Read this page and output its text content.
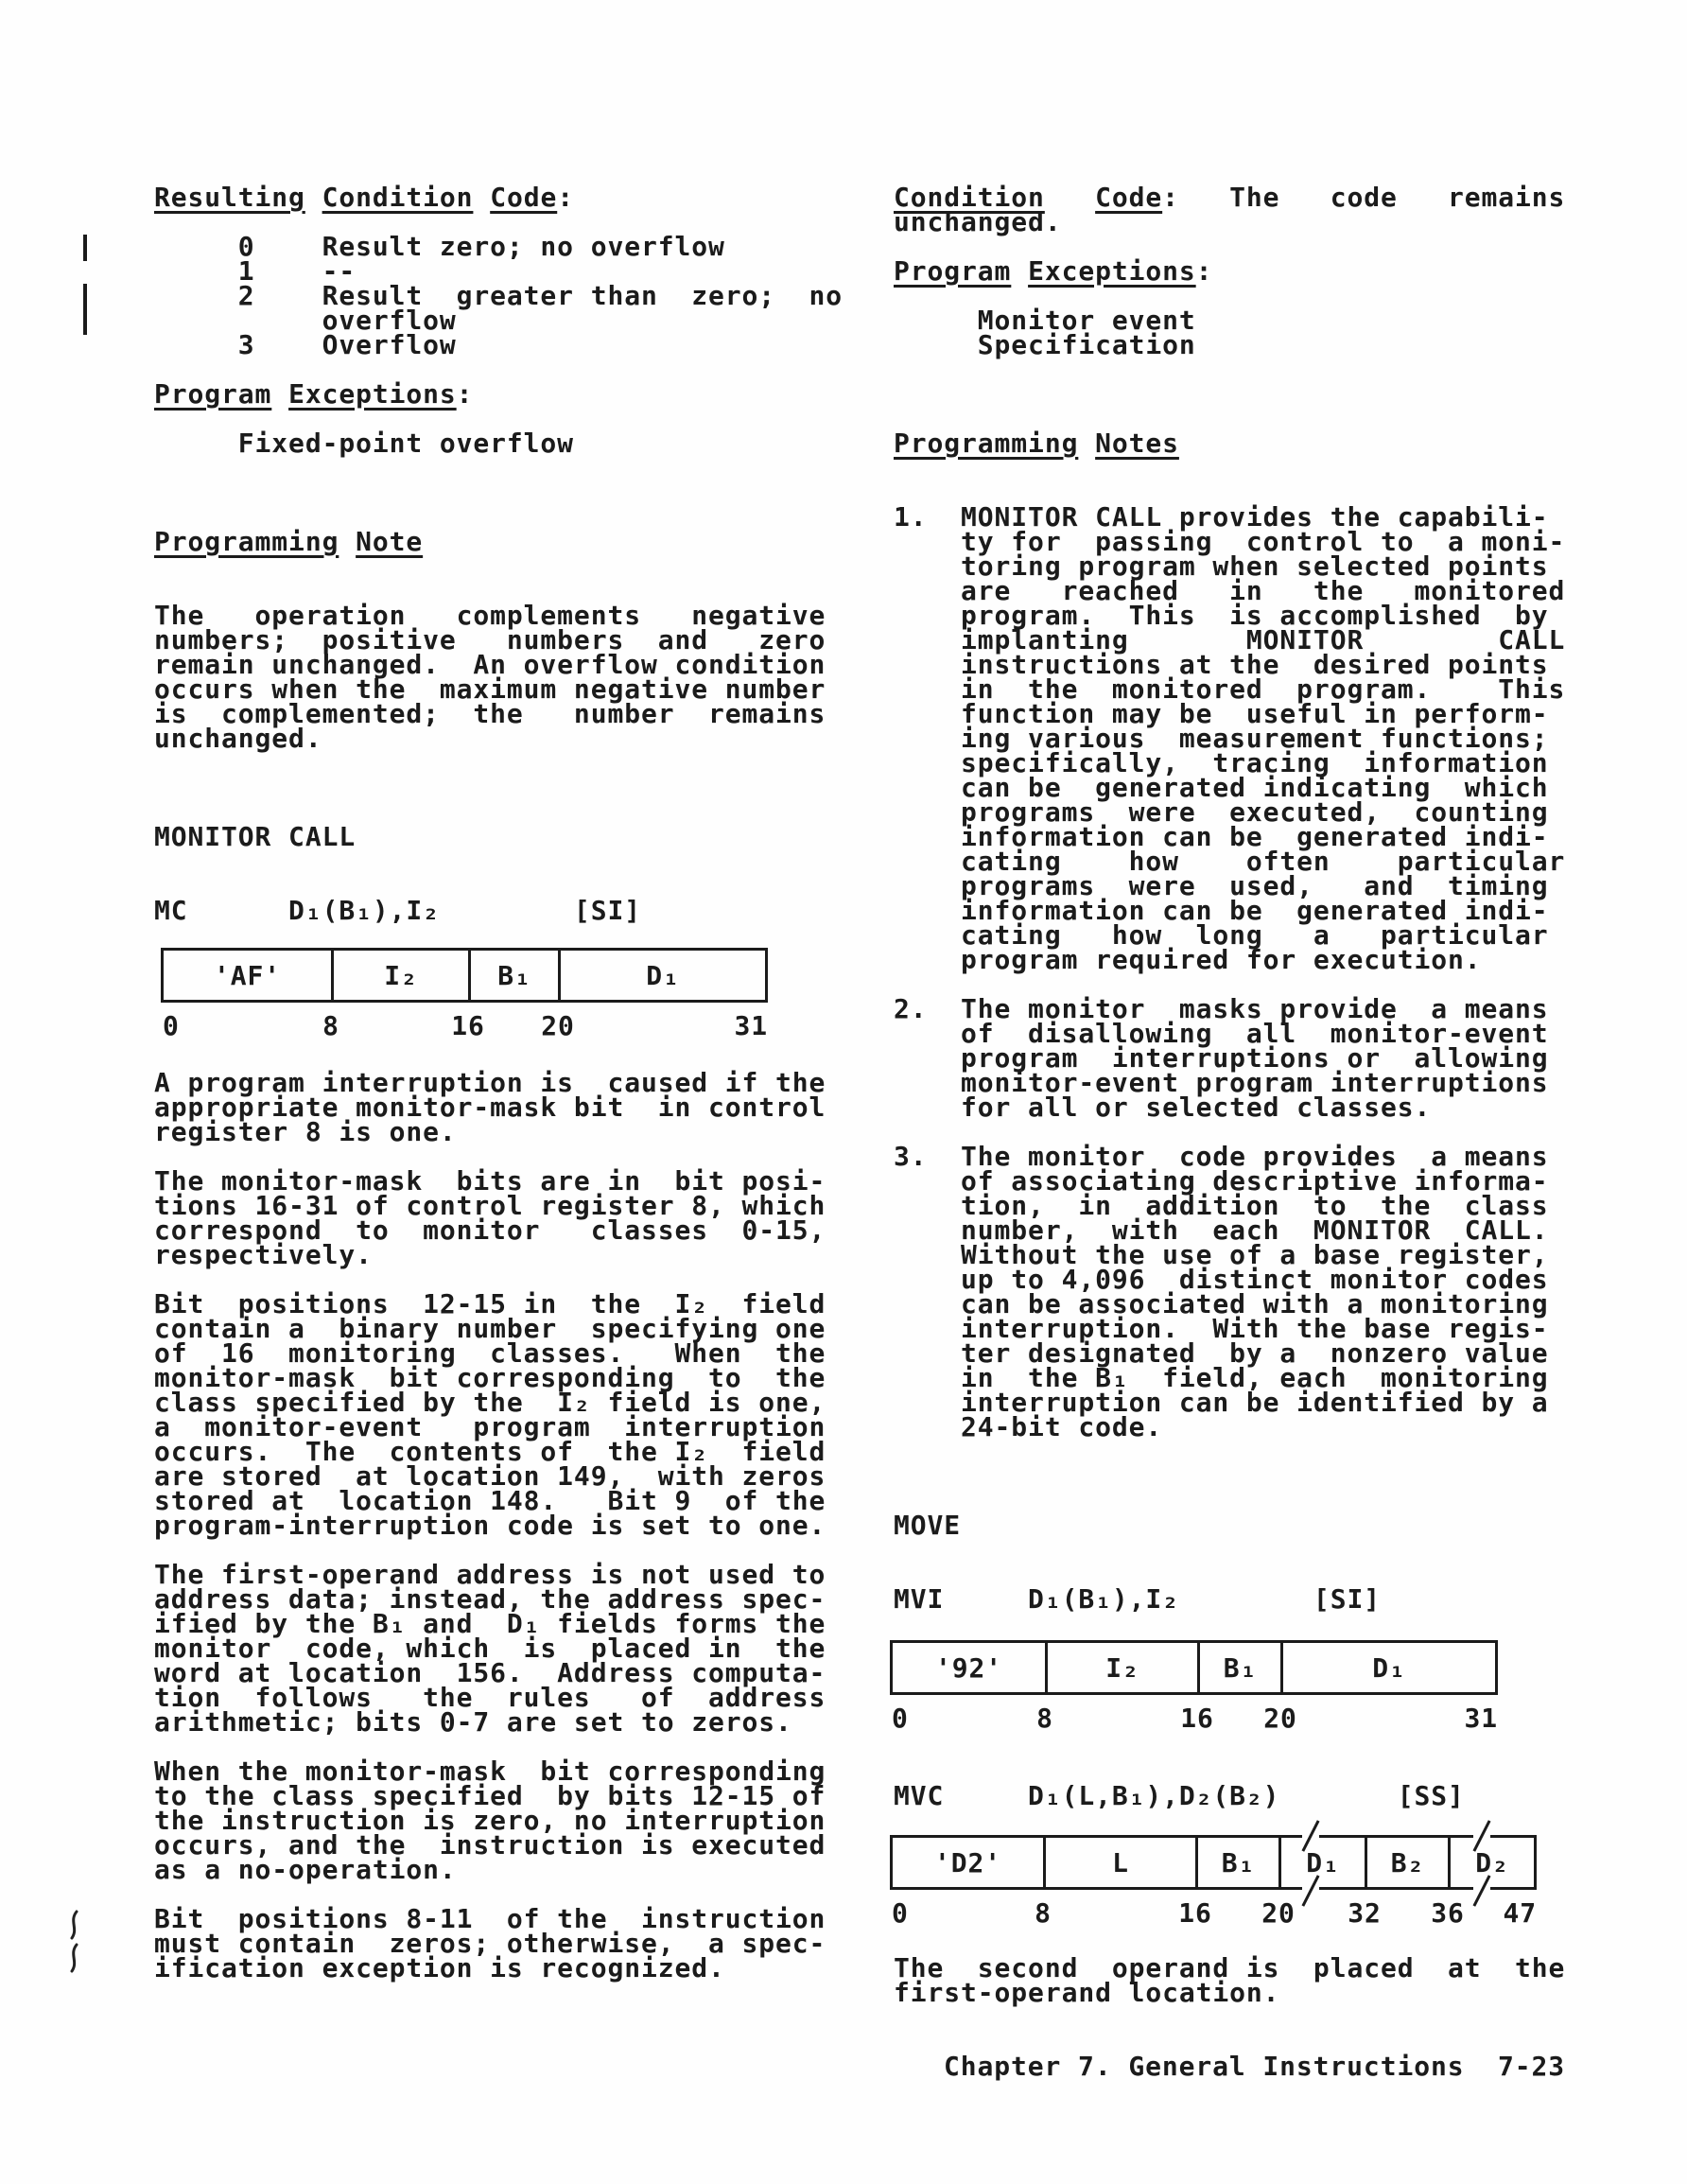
Resulting Condition Code:
0    Result zero; no overflow
1    --
2    Result  greater than  zero;  no
overflow
3    Overflow
Program Exceptions:
Fixed-point overflow
Programming Note
The   operation   complements   negative
numbers;  positive   numbers  and   zero
remain unchanged.  An overflow condition
occurs when the  maximum negative number
is  complemented;  the   number  remains
unchanged.
MONITOR CALL
MC      D₁(B₁),I₂        [SI]
A program interruption is  caused if the
appropriate monitor-mask bit  in control
register 8 is one.
The monitor-mask  bits are in  bit posi-
tions 16-31 of control register 8, which
correspond  to  monitor   classes  0-15,
respectively.
Bit  positions  12-15 in  the  I₂  field
contain a  binary number  specifying one
of  16  monitoring  classes.   When  the
monitor-mask  bit corresponding  to  the
class specified by the  I₂ field is one,
a  monitor-event   program  interruption
occurs.  The  contents of  the I₂  field
are stored  at location 149,  with zeros
stored at  location 148.   Bit 9  of the
program-interruption code is set to one.
The first-operand address is not used to
address data; instead, the address spec-
ified by the B₁ and  D₁ fields forms the
monitor  code, which  is  placed in  the
word at location  156.  Address computa-
tion  follows   the  rules   of  address
arithmetic; bits 0-7 are set to zeros.
When the monitor-mask  bit corresponding
to the class specified  by bits 12-15 of
the instruction is zero, no interruption
occurs, and the  instruction is executed
as a no-operation.
Bit  positions 8-11  of the  instruction
must contain  zeros; otherwise,  a spec-
ification exception is recognized.
Condition Code:   The   code   remains
unchanged.
Program Exceptions:
Monitor event
Specification
Programming Notes
1.  MONITOR CALL provides the capabili-
ty for  passing  control to  a moni-
toring program when selected points
are   reached   in   the   monitored
program.  This  is accomplished  by
implanting       MONITOR        CALL
instructions at the  desired points
in  the  monitored  program.    This
function may be  useful in perform-
ing various  measurement functions;
specifically,  tracing  information
can be  generated indicating  which
programs  were  executed,  counting
information can be  generated indi-
cating    how    often    particular
programs  were  used,   and  timing
information can be  generated indi-
cating   how  long   a   particular
program required for execution.
2.  The monitor  masks provide  a means
of  disallowing  all  monitor-event
program  interruptions or  allowing
monitor-event program interruptions
for all or selected classes.
3.  The monitor  code provides  a means
of associating descriptive informa-
tion,  in  addition  to  the  class
number,  with  each  MONITOR  CALL.
Without the use of a base register,
up to 4,096  distinct monitor codes
can be associated with a monitoring
interruption.  With the base regis-
ter designated  by a  nonzero value
in  the B₁  field, each  monitoring
interruption can be identified by a
24-bit code.
MOVE
MVI     D₁(B₁),I₂        [SI]
MVC     D₁(L,B₁),D₂(B₂)       [SS]
The  second  operand is  placed  at  the
first-operand location.
Chapter 7. General Instructions  7-23
'AF'	I₂	B₁	D₁
0	8	16 20	31
'92'	I₂	B₁	D₁
0	8	16 20	31
'D2'	L	B₁	D₁	B₂	D₂
0	8	16 20 32 36 47
